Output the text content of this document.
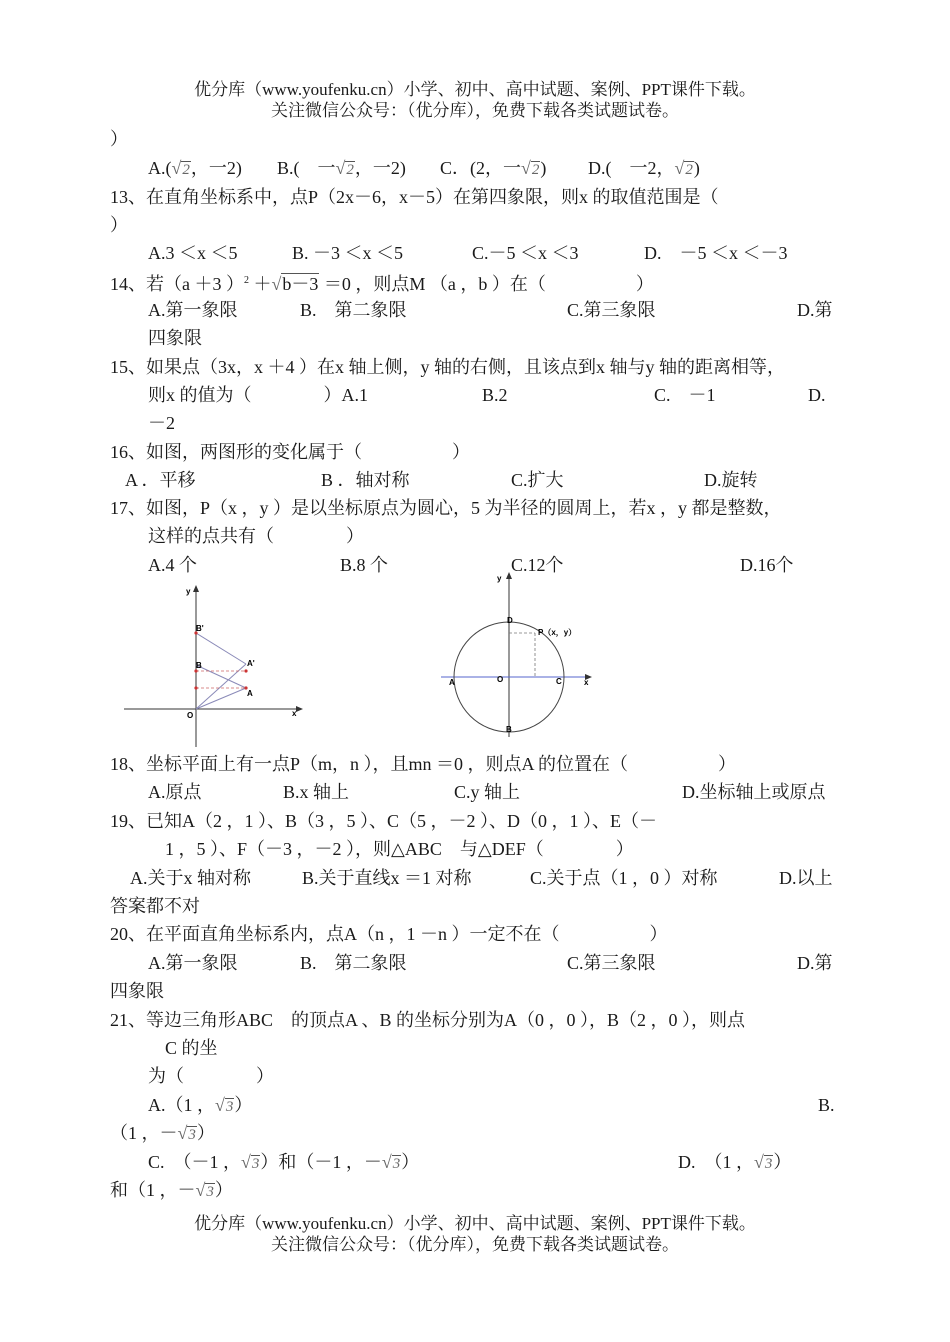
优分库（www.youfenku.cn）小学、初中、高中试题、案例、PPT课件下载。
关注微信公众号：（优分库），免费下载各类试题试卷。
）
A.(√2，一2) B.(　一√2，一2) C．(2，一√2) D.(　一2，√2)
13、在直角坐标系中，点P（2x－6，x－5）在第四象限，则x 的取值范围是（
）
A.3 ＜x ＜5	B. －3 ＜x ＜5	C.－5 ＜x ＜3	D.　－5 ＜x ＜－3
14、若（a ＋3 ）$^2$ ＋√b－3 ＝0 ，则点M （a ，b ）在（　　　　　）
A.第一象限	B.　第二象限	C.第三象限	D.第
四象限
15、如果点（3x，x ＋4 ）在x 轴上侧，y 轴的右侧，且该点到x 轴与y 轴的距离相等，
则x 的值为（　　　　）A.1	B.2	C.　－1	D.
－2
16、如图，两图形的变化属于（　　　　　）
A ．平移	B ．轴对称	C.扩大	D.旋转
17、如图，P（x ，y ）是以坐标原点为圆心，5 为半径的圆周上，若x ，y 都是整数，
这样的点共有（　　　　）
A.4 个	B.8 个	C.12个	D.16个
y
x
O
B'
B	A'
A
y
x
O
D
P（x，y）
A	C
B
18、坐标平面上有一点P（m，n ），且mn ＝0 ，则点A 的位置在（　　　　　）
A.原点	B.x 轴上	C.y 轴上	D.坐标轴上或原点
19、已知A（2 ，1 ）、B（3 ，5 ）、C（5 ，－2 ）、D（0 ，1 ）、E（－
1 ，5 ）、F（－3 ，－2 ），则△ABC　与△DEF（　　　　）
A.关于x 轴对称	B.关于直线x ＝1 对称	C.关于点（1 ，0 ）对称	D.以上
答案都不对
20、在平面直角坐标系内，点A（n ，1 －n ）一定不在（　　　　　）
A.第一象限	B.　第二象限	C.第三象限	D.第
四象限
21、等边三角形ABC　的顶点A 、B 的坐标分别为A（0 ，0 ），B（2 ，0 ），则点
C 的坐
为（　　　　）
A.（1 ，√3）	B.
（1 ，－√3）
C.　（－1 ，√3）和（－1 ，－√3）	D.　（1 ，√3）
和（1 ，－√3）
优分库（www.youfenku.cn）小学、初中、高中试题、案例、PPT课件下载。
关注微信公众号：（优分库），免费下载各类试题试卷。
